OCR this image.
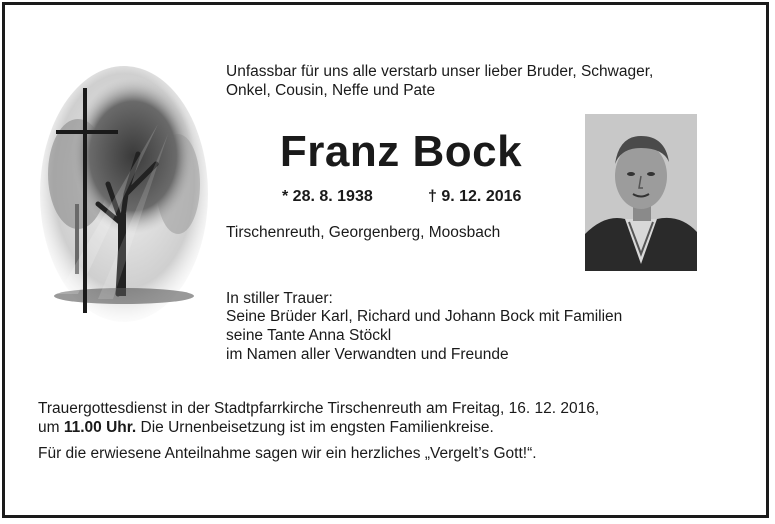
Unfassbar für uns alle verstarb unser lieber Bruder, Schwager,

Onkel, Cousin, Neffe und Pate

Franz Bock

* 28. 8. 1938	† 9. 12. 2016

Tirschenreuth, Georgenberg, Moosbach

In stiller Trauer:

Seine Brüder Karl, Richard und Johann Bock mit Familien

seine Tante Anna Stöckl

im Namen aller Verwandten und Freunde

Trauergottesdienst in der Stadtpfarrkirche Tirschenreuth am Freitag, 16. 12. 2016,

um 11.00 Uhr. Die Urnenbeisetzung ist im engsten Familienkreise.

Für die erwiesene Anteilnahme sagen wir ein herzliches „Vergelt’s Gott!“.
